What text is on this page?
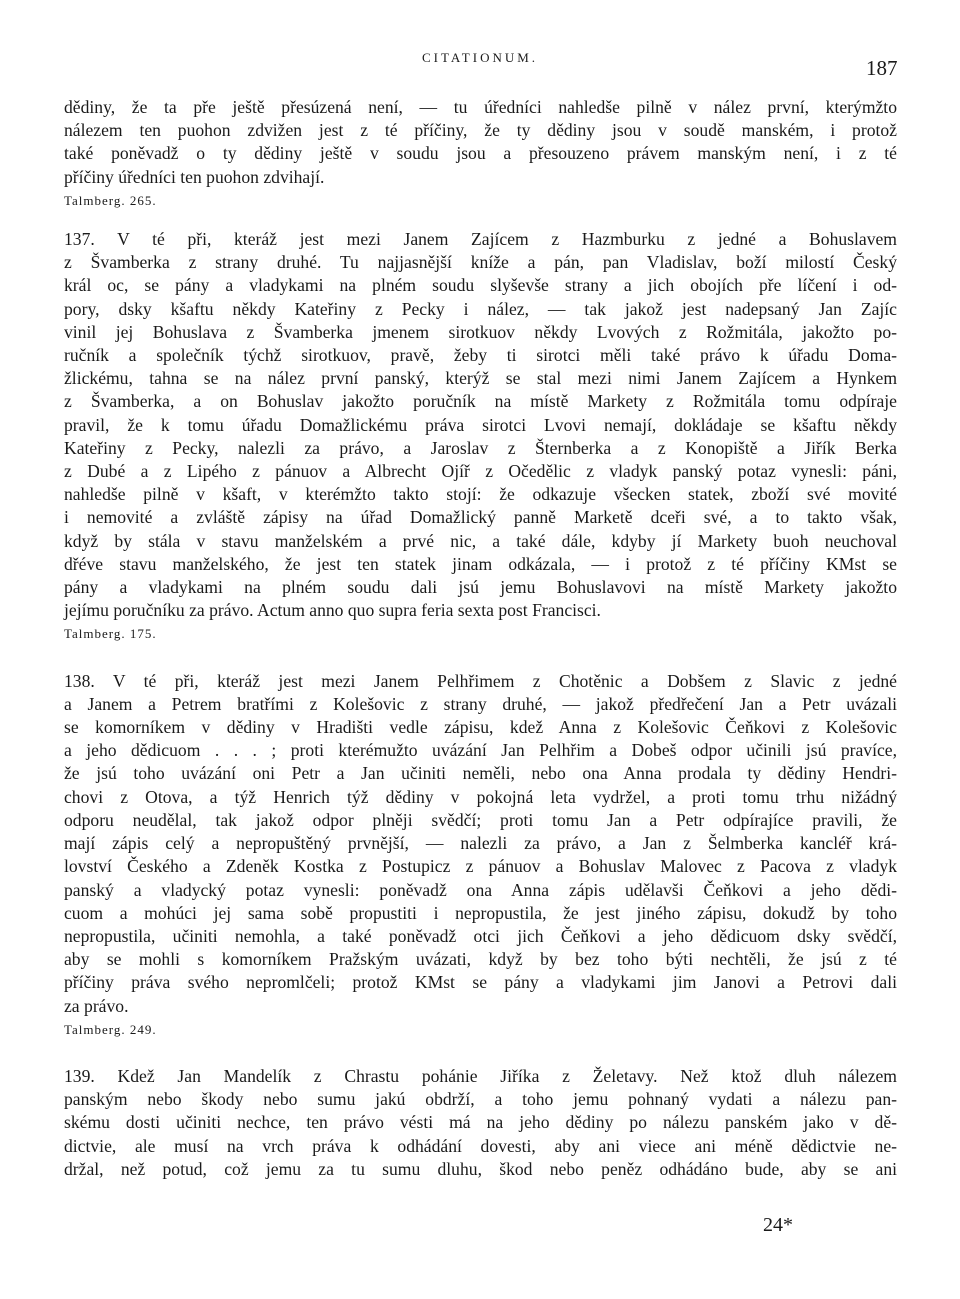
CITATIONUM.	187
dědiny, že ta pře ještě přesúzená není, — tu úředníci nahledše pilně v nález první, kterýmžto
nálezem ten puohon zdvižen jest z té příčiny, že ty dědiny jsou v soudě manském, i protož
také poněvadž o ty dědiny ještě v soudu jsou a přesouzeno právem manským není, i z té
příčiny úředníci ten puohon zdvihají.
Talmberg. 265.
137. V té při, kteráž jest mezi Janem Zajícem z Hazmburku z jedné a Bohuslavem
z Švamberka z strany druhé. Tu najjasnější kníže a pán, pan Vladislav, boží milostí Český
král oc, se pány a vladykami na plném soudu slyševše strany a jich obojích pře líčení i od-
pory, dsky kšaftu někdy Kateřiny z Pecky i nález, — tak jakož jest nadepsaný Jan Zajíc
vinil jej Bohuslava z Švamberka jmenem sirotkuov někdy Lvových z Rožmitála, jakožto po-
ručník a společník týchž sirotkuov, pravě, žeby ti sirotci měli také právo k úřadu Doma-
žlickému, tahna se na nález první panský, kterýž se stal mezi nimi Janem Zajícem a Hynkem
z Švamberka, a on Bohuslav jakožto poručník na místě Markety z Rožmitála tomu odpíraje
pravil, že k tomu úřadu Domažlickému práva sirotci Lvovi nemají, dokládaje se kšaftu někdy
Kateřiny z Pecky, nalezli za právo, a Jaroslav z Šternberka a z Konopiště a Jiřík Berka
z Dubé a z Lipého z pánuov a Albrecht Ojíř z Očedělic z vladyk panský potaz vynesli: páni,
nahledše pilně v kšaft, v kterémžto takto stojí: že odkazuje všecken statek, zboží své movité
i nemovité a zvláště zápisy na úřad Domažlický panně Marketě dceři své, a to takto však,
když by stála v stavu manželském a prvé nic, a také dále, kdyby jí Markety buoh neuchoval
dřéve stavu manželského, že jest ten statek jinam odkázala, — i protož z té příčiny KMst se
pány a vladykami na plném soudu dali jsú jemu Bohuslavovi na místě Markety jakožto
jejímu poručníku za právo. Actum anno quo supra feria sexta post Francisci.
Talmberg. 175.
138. V té při, kteráž jest mezi Janem Pelhřimem z Chotěnic a Dobšem z Slavic z jedné
a Janem a Petrem bratřími z Kolešovic z strany druhé, — jakož předřečení Jan a Petr uvázali
se komorníkem v dědiny v Hradišti vedle zápisu, kdež Anna z Kolešovic Čeňkovi z Kolešovic
a jeho dědicuom . . . ; proti kterémužto uvázání Jan Pelhřim a Dobeš odpor učinili jsú pravíce,
že jsú toho uvázání oni Petr a Jan učiniti neměli, nebo ona Anna prodala ty dědiny Hendri-
chovi z Otova, a týž Henrich týž dědiny v pokojná leta vydržel, a proti tomu trhu nižádný
odporu neudělal, tak jakož odpor plněji svědčí; proti tomu Jan a Petr odpírajíce pravili, že
mají zápis celý a nepropuštěný prvnější, — nalezli za právo, a Jan z Šelmberka kancléř krá-
lovství Českého a Zdeněk Kostka z Postupicz z pánuov a Bohuslav Malovec z Pacova z vladyk
panský a vladycký potaz vynesli: poněvadž ona Anna zápis udělavši Čeňkovi a jeho dědi-
cuom a mohúci jej sama sobě propustiti i nepropustila, že jest jiného zápisu, dokudž by toho
nepropustila, učiniti nemohla, a také poněvadž otci jich Čeňkovi a jeho dědicuom dsky svědčí,
aby se mohli s komorníkem Pražským uvázati, když by bez toho býti nechtěli, že jsú z té
příčiny práva svého nepromlčeli; protož KMst se pány a vladykami jim Janovi a Petrovi dali
za právo.
Talmberg. 249.
139. Kdež Jan Mandelík z Chrastu pohánie Jiříka z Želetavy. Než ktož dluh nálezem
panským nebo škody nebo sumu jakú obdrží, a toho jemu pohnaný vydati a nálezu pan-
skému dosti učiniti nechce, ten právo vésti má na jeho dědiny po nálezu panském jako v dě-
dictvie, ale musí na vrch práva k odhádání dovesti, aby ani viece ani méně dědictvie ne-
držal, než potud, což jemu za tu sumu dluhu, škod nebo peněz odhádáno bude, aby se ani
24*
